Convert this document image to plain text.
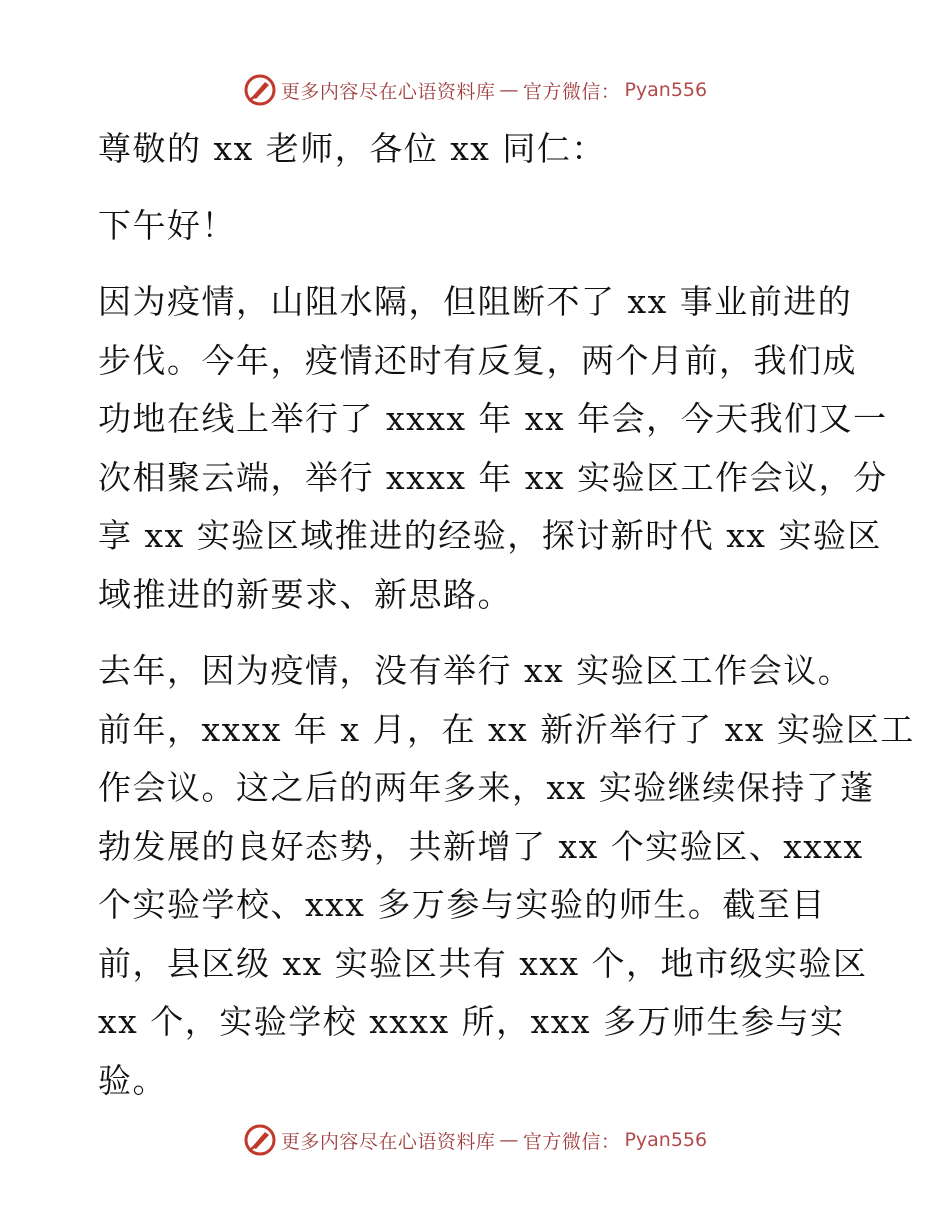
更多内容尽在心语资料库 — 官方微信： Pyan556
尊敬的 xx 老师，各位 xx 同仁：
下午好！
因为疫情，山阻水隔，但阻断不了 xx 事业前进的
步伐。今年，疫情还时有反复，两个月前，我们成
功地在线上举行了 xxxx 年 xx 年会，今天我们又一
次相聚云端，举行 xxxx 年 xx 实验区工作会议，分
享 xx 实验区域推进的经验，探讨新时代 xx 实验区
域推进的新要求、新思路。
去年，因为疫情，没有举行 xx 实验区工作会议。
前年，xxxx 年 x 月，在 xx 新沂举行了 xx 实验区工
作会议。这之后的两年多来，xx 实验继续保持了蓬
勃发展的良好态势，共新增了 xx 个实验区、xxxx
个实验学校、xxx 多万参与实验的师生。截至目
前，县区级 xx 实验区共有 xxx 个，地市级实验区
xx 个，实验学校 xxxx 所，xxx 多万师生参与实
验。
更多内容尽在心语资料库 — 官方微信： Pyan556
